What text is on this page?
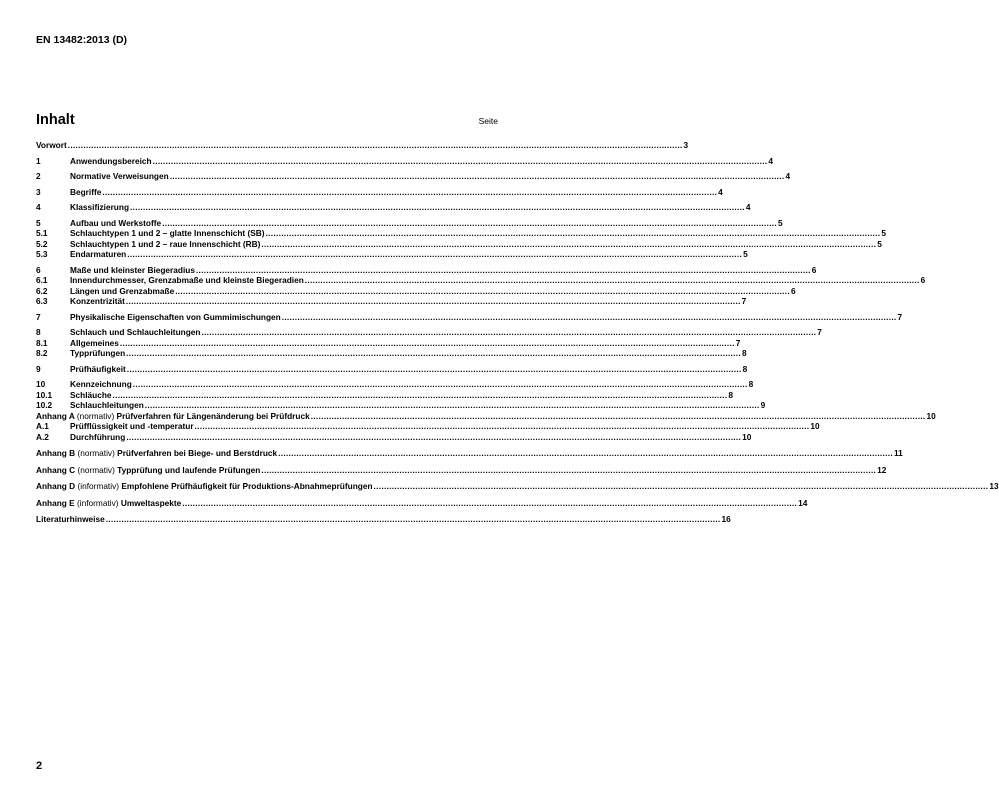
EN 13482:2013 (D)
Inhalt	Seite
Vorwort ............................................................................................................................................................................................................................................ 3
1	Anwendungsbereich ............................................................................................................................................................................................................................................ 4
2	Normative Verweisungen ............................................................................................................................................................................................................................................ 4
3	Begriffe ............................................................................................................................................................................................................................................ 4
4	Klassifizierung ............................................................................................................................................................................................................................................ 4
5	Aufbau und Werkstoffe ............................................................................................................................................................................................................................................ 5
5.1	Schlauchtypen 1 und 2 – glatte Innenschicht (SB) ............................................................................................................................................................................................................................................ 5
5.2	Schlauchtypen 1 und 2 – raue Innenschicht (RB) ............................................................................................................................................................................................................................................ 5
5.3	Endarmaturen ............................................................................................................................................................................................................................................ 5
6	Maße und kleinster Biegeradius ............................................................................................................................................................................................................................................ 6
6.1	Innendurchmesser, Grenzabmaße und kleinste Biegeradien ............................................................................................................................................................................................................................................ 6
6.2	Längen und Grenzabmaße ............................................................................................................................................................................................................................................ 6
6.3	Konzentrizität ............................................................................................................................................................................................................................................ 7
7	Physikalische Eigenschaften von Gummimischungen ............................................................................................................................................................................................................................................ 7
8	Schlauch und Schlauchleitungen ............................................................................................................................................................................................................................................ 7
8.1	Allgemeines ............................................................................................................................................................................................................................................ 7
8.2	Typprüfungen ............................................................................................................................................................................................................................................ 8
9	Prüfhäufigkeit ............................................................................................................................................................................................................................................ 8
10	Kennzeichnung ............................................................................................................................................................................................................................................ 8
10.1	Schläuche ............................................................................................................................................................................................................................................ 8
10.2	Schlauchleitungen ............................................................................................................................................................................................................................................ 9
Anhang A (normativ) Prüfverfahren für Längenänderung bei Prüfdruck ............................................................................................................................................................................................................................................ 10
A.1	Prüfflüssigkeit und -temperatur ............................................................................................................................................................................................................................................ 10
A.2	Durchführung ............................................................................................................................................................................................................................................ 10
Anhang B (normativ) Prüfverfahren bei Biege- und Berstdruck ............................................................................................................................................................................................................................................ 11
Anhang C (normativ) Typprüfung und laufende Prüfungen ............................................................................................................................................................................................................................................ 12
Anhang D (informativ) Empfohlene Prüfhäufigkeit für Produktions-Abnahmeprüfungen ............................................................................................................................................................................................................................................ 13
Anhang E (informativ) Umweltaspekte ............................................................................................................................................................................................................................................ 14
Literaturhinweise ............................................................................................................................................................................................................................................ 16
2
